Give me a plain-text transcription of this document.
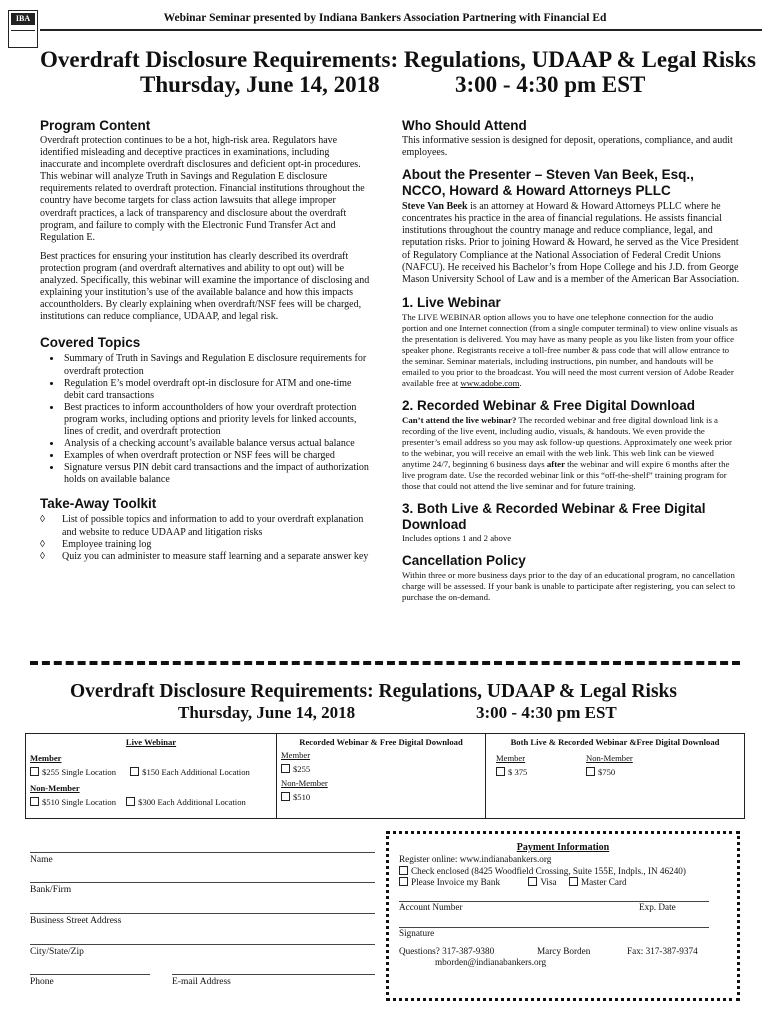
IBA	Webinar Seminar presented by Indiana Bankers Association Partnering with Financial Ed
Overdraft Disclosure Requirements: Regulations, UDAAP & Legal Risks
Thursday, June 14, 2018	3:00 - 4:30 pm EST
Program Content
Overdraft protection continues to be a hot, high-risk area. Regulators have identified misleading and deceptive practices in examinations, including inaccurate and incomplete overdraft disclosures and deficient opt-in procedures. This webinar will analyze Truth in Savings and Regulation E disclosure requirements related to overdraft protection. Financial institutions throughout the country have become targets for class action lawsuits that allege improper overdraft practices, a lack of transparency and disclosure about the overdraft program, and failure to comply with the Electronic Fund Transfer Act and Regulation E.
Best practices for ensuring your institution has clearly described its overdraft protection program (and overdraft alternatives and ability to opt out) will be analyzed. Specifically, this webinar will examine the importance of disclosing and explaining your institution’s use of the available balance and how this impacts accountholders. By clearly explaining when overdraft/NSF fees will be charged, institutions can reduce compliance, UDAAP, and legal risk.
Covered Topics
• Summary of Truth in Savings and Regulation E disclosure requirements for overdraft protection
• Regulation E’s model overdraft opt-in disclosure for ATM and one-time debit card transactions
• Best practices to inform accountholders of how your overdraft protection program works, including options and priority levels for linked accounts, lines of credit, and overdraft protection
• Analysis of a checking account’s available balance versus actual balance
• Examples of when overdraft protection or NSF fees will be charged
• Signature versus PIN debit card transactions and the impact of authorization holds on available balance
Take-Away Toolkit
◊ List of possible topics and information to add to your overdraft explanation and website to reduce UDAAP and litigation risks
◊ Employee training log
◊ Quiz you can administer to measure staff learning and a separate answer key
Who Should Attend
This informative session is designed for deposit, operations, compliance, and audit employees.
About the Presenter – Steven Van Beek, Esq., NCCO, Howard & Howard Attorneys PLLC
Steve Van Beek is an attorney at Howard & Howard Attorneys PLLC where he concentrates his practice in the area of financial regulations. He assists financial institutions throughout the country manage and reduce compliance, legal, and reputation risks. Prior to joining Howard & Howard, he served as the Vice President of Regulatory Compliance at the National Association of Federal Credit Unions (NAFCU). He received his Bachelor’s from Hope College and his J.D. from George Mason University School of Law and is a member of the American Bar Association.
1. Live Webinar
The LIVE WEBINAR option allows you to have one telephone connection for the audio portion and one Internet connection (from a single computer terminal) to view online visuals as the presentation is delivered. You may have as many people as you like listen from your office speaker phone. Registrants receive a toll-free number & pass code that will allow entrance to the seminar. Seminar materials, including instructions, pin number, and handouts will be emailed to you prior to the broadcast. You will need the most current version of Adobe Reader available free at www.adobe.com.
2. Recorded Webinar & Free Digital Download
Can’t attend the live webinar? The recorded webinar and free digital download link is a recording of the live event, including audio, visuals, & handouts. We even provide the presenter’s email address so you may ask follow-up questions. Approximately one week prior to the webinar, you will receive an email with the web link. This web link can be viewed anytime 24/7, beginning 6 business days after the webinar and will expire 6 months after the live program date. Use the recorded webinar link or this “off-the-shelf” training program for those that could not attend the live seminar and for future training.
3. Both Live & Recorded Webinar & Free Digital Download
Includes options 1 and 2 above
Cancellation Policy
Within three or more business days prior to the day of an educational program, no cancellation charge will be assessed. If your bank is unable to participate after registering, you can select to purchase the on-demand.
Overdraft Disclosure Requirements: Regulations, UDAAP & Legal Risks
Thursday, June 14, 2018	3:00 - 4:30 pm EST
Live Webinar
Member
$255 Single Location	$150 Each Additional Location
Non-Member
$510 Single Location	$300 Each Additional Location

Recorded Webinar & Free Digital Download
Member
$255
Non-Member
$510

Both Live & Recorded Webinar &Free Digital Download
Member
$ 375
Non-Member
$750
Name
Bank/Firm
Business Street Address
City/State/Zip
Phone	E-mail Address
Payment Information
Register online: www.indianabankers.org
Check enclosed (8425 Woodfield Crossing, Suite 155E, Indpls., IN 46240)
Please Invoice my Bank	Visa	Master Card
Account Number	Exp. Date
Signature
Questions? 317-387-9380	Marcy Borden	Fax: 317-387-9374
mborden@indianabankers.org
